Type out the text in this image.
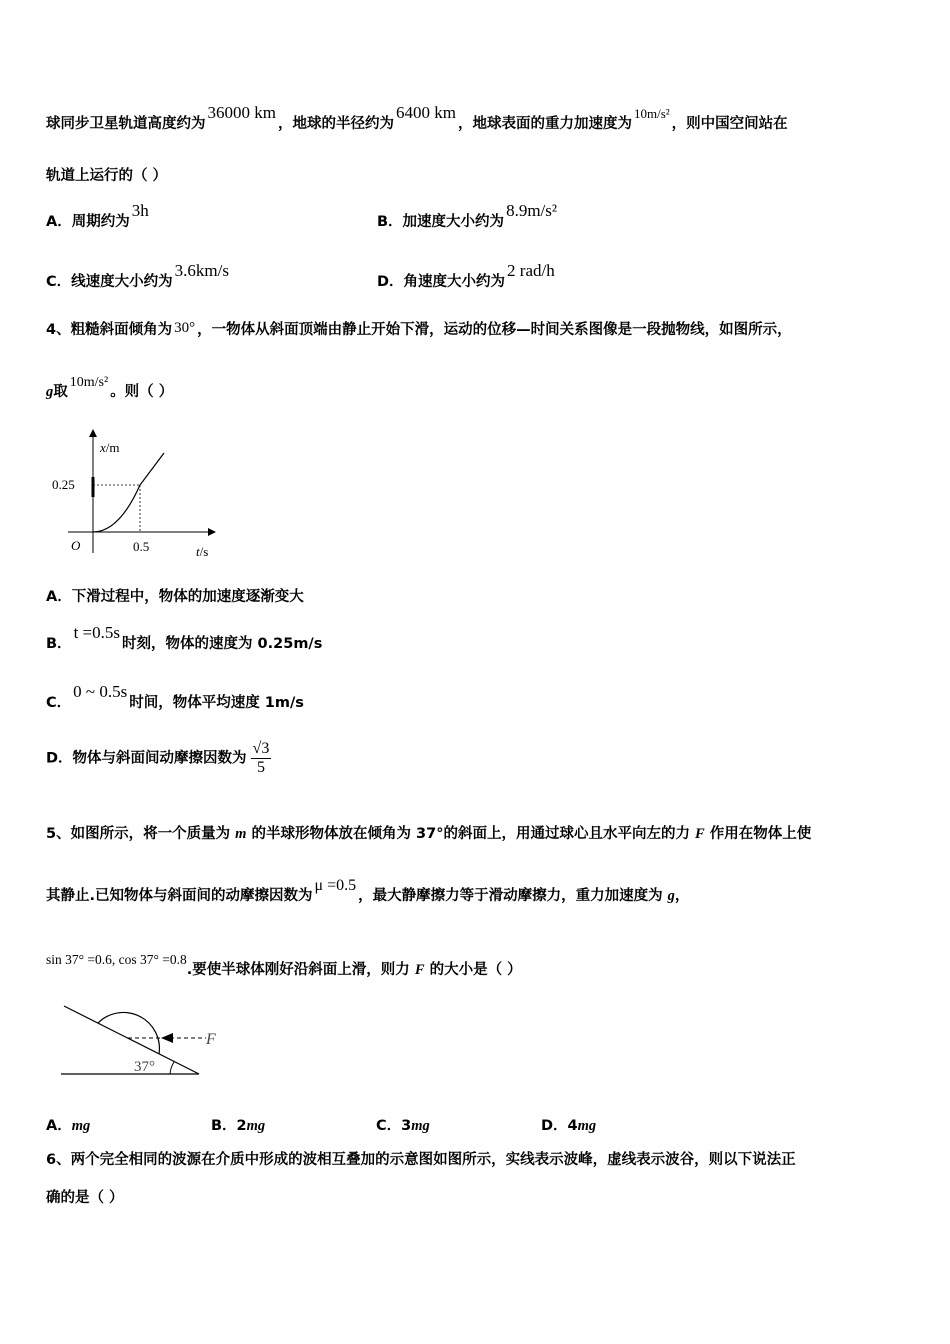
球同步卫星轨道高度约为36000 km，地球的半径约为6400 km，地球表面的重力加速度为10m/s²，则中国空间站在
轨道上运行的（ ）
A．周期约为3h
B．加速度大小约为8.9m/s²
C．线速度大小约为3.6km/s
D．角速度大小约为2 rad/h
4、粗糙斜面倾角为 30° ，一物体从斜面顶端由静止开始下滑，运动的位移—时间关系图像是一段抛物线，如图所示，
g取10m/s²。则（ ）
x/m
0.25
O	0.5	t/s
A．下滑过程中，物体的加速度逐渐变大
B．t =0.5s时刻，物体的速度为 0.25m/s
C．0 ~ 0.5s时间，物体平均速度 1m/s
D．物体与斜面间动摩擦因数为 $\frac{√3}{5}$
5、如图所示，将一个质量为 m 的半球形物体放在倾角为 37°的斜面上，用通过球心且水平向左的力 F 作用在物体上使
其静止.已知物体与斜面间的动摩擦因数为μ =0.5，最大静摩擦力等于滑动摩擦力，重力加速度为 g，
sin 37° =0.6, cos 37° =0.8.要使半球体刚好沿斜面上滑，则力 F 的大小是（ ）
F
37°
A．mg	B．2mg	C．3mg	D．4mg
6、两个完全相同的波源在介质中形成的波相互叠加的示意图如图所示，实线表示波峰，虚线表示波谷，则以下说法正
确的是（ ）
